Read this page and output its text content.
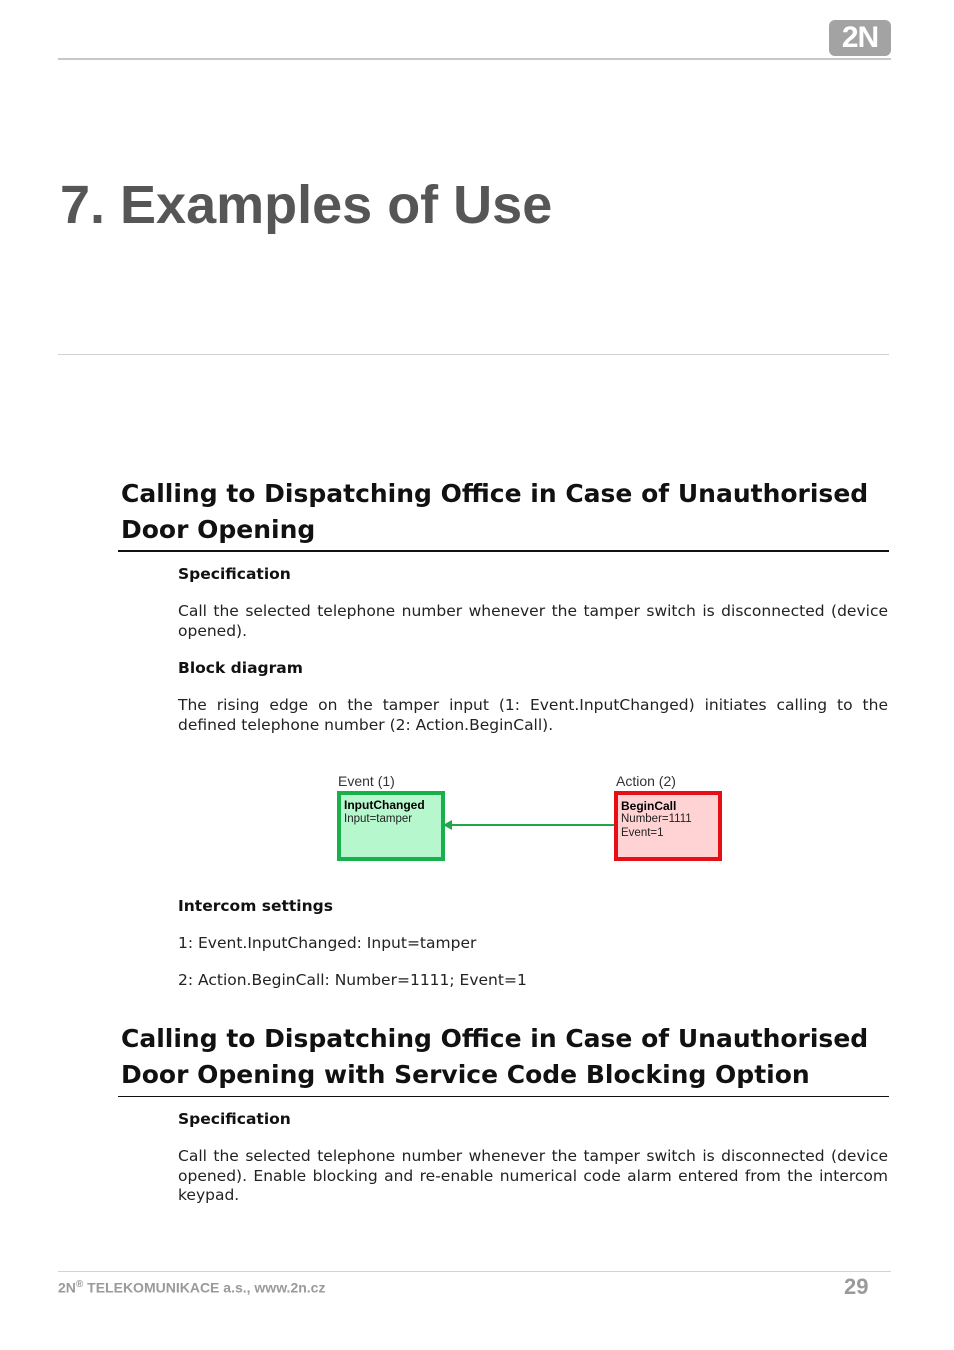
2N
7. Examples of Use
Calling to Dispatching Office in Case of Unauthorised Door Opening
Specification
Call the selected telephone number whenever the tamper switch is disconnected (device opened).
Block diagram
The rising edge on the tamper input (1: Event.InputChanged) initiates calling to the defined telephone number (2: Action.BeginCall).
Event (1)	Action (2)
InputChanged
Input=tamper
BeginCall
Number=1111
Event=1
Intercom settings
1: Event.InputChanged: Input=tamper
2: Action.BeginCall: Number=1111; Event=1
Calling to Dispatching Office in Case of Unauthorised Door Opening with Service Code Blocking Option
Specification
Call the selected telephone number whenever the tamper switch is disconnected (device opened). Enable blocking and re-enable numerical code alarm entered from the intercom keypad.
2N® TELEKOMUNIKACE a.s., www.2n.cz	29
